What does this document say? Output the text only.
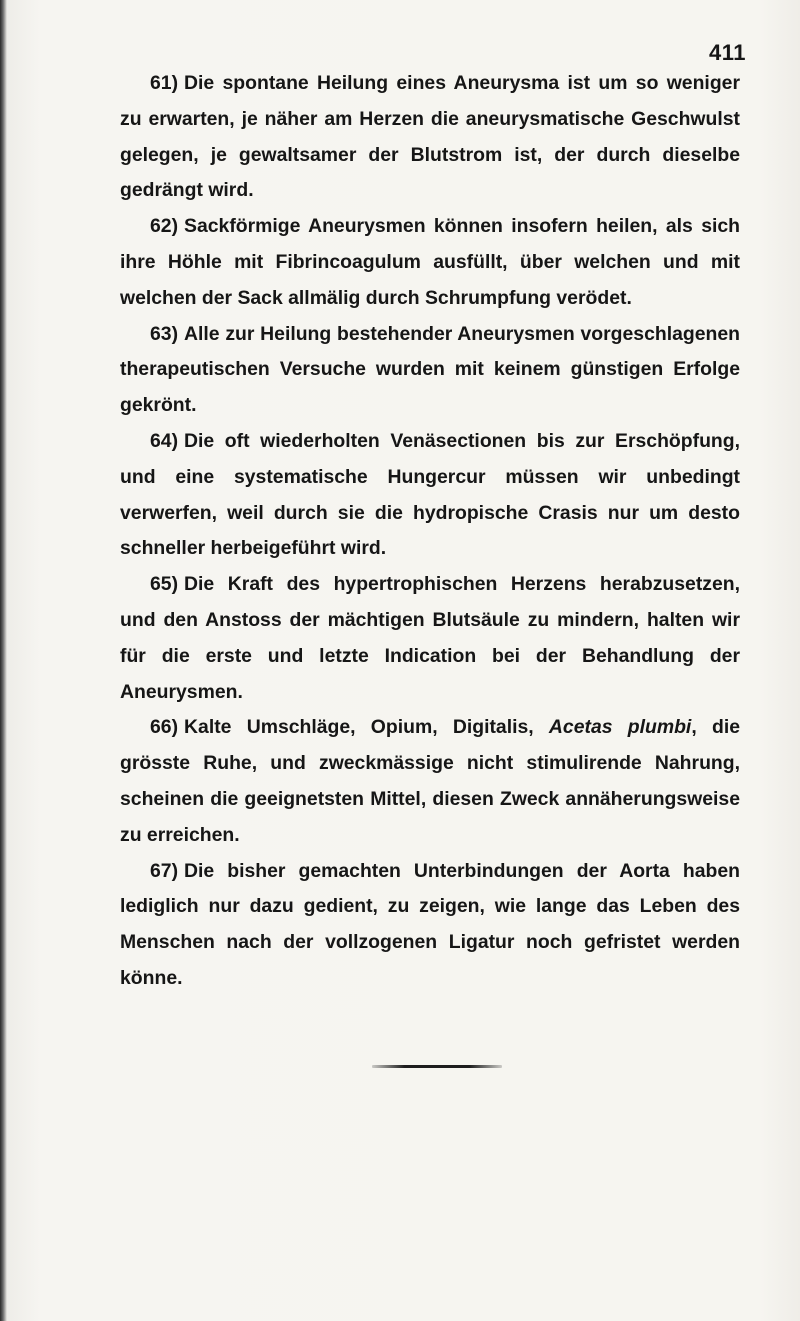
411

61) Die spontane Heilung eines Aneurysma ist um so weniger zu erwarten, je näher am Herzen die aneurysmatische Geschwulst gelegen, je gewaltsamer der Blutstrom ist, der durch dieselbe gedrängt wird.

62) Sackförmige Aneurysmen können insofern heilen, als sich ihre Höhle mit Fibrincoagulum ausfüllt, über welchen und mit welchen der Sack allmälig durch Schrumpfung verödet.

63) Alle zur Heilung bestehender Aneurysmen vorgeschlagenen therapeutischen Versuche wurden mit keinem günstigen Erfolge gekrönt.

64) Die oft wiederholten Venäsectionen bis zur Erschöpfung, und eine systematische Hungercur müssen wir unbedingt verwerfen, weil durch sie die hydropische Crasis nur um desto schneller herbeigeführt wird.

65) Die Kraft des hypertrophischen Herzens herabzusetzen, und den Anstoss der mächtigen Blutsäule zu mindern, halten wir für die erste und letzte Indication bei der Behandlung der Aneurysmen.

66) Kalte Umschläge, Opium, Digitalis, Acetas plumbi, die grösste Ruhe, und zweckmässige nicht stimulirende Nahrung, scheinen die geeignetsten Mittel, diesen Zweck annäherungsweise zu erreichen.

67) Die bisher gemachten Unterbindungen der Aorta haben lediglich nur dazu gedient, zu zeigen, wie lange das Leben des Menschen nach der vollzogenen Ligatur noch gefristet werden könne.
